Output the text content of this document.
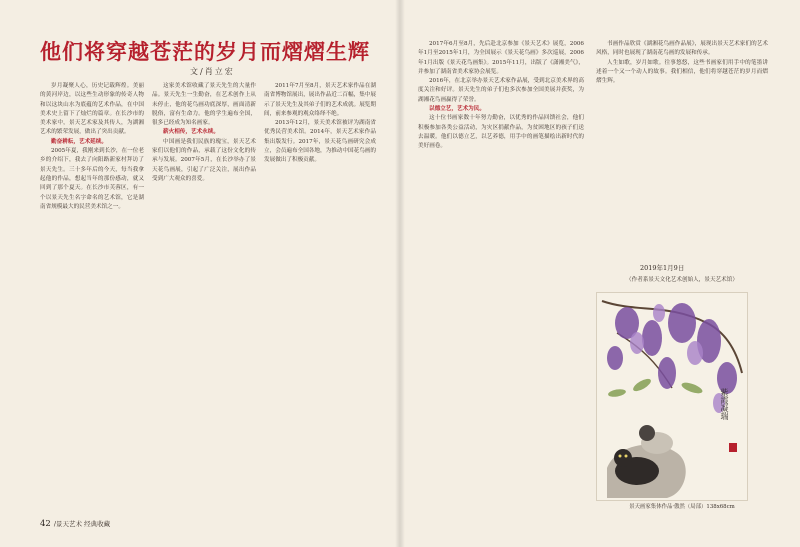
他们将穿越苍茫的岁月而熠熠生辉
文/肖立宏

岁月凝聚人心，历史记载辉煌。美丽的黄河岸边，以这些生动形象的传奇人物和以这块山水为底蕴的艺术作品，在中国美术史上留下了灿烂的篇章。在长沙市的美术家中，景天艺术家及其传人，为湖湘艺术的繁荣发展，做出了突出贡献。

勤奋耕耘，艺术延续。

2005年夏，我刚来到长沙，在一位老乡的介绍下，我去了向阳路新家村拜访了景天先生。三十多年后的今天，每当我拿起他的作品，想起当年的那份感动，就又回到了那个夏天。在长沙市芙蓉区，有一个以景天先生名字命名的艺术馆，它是湖南省规模最大的民营美术馆之一。

这家美术馆收藏了景天先生的大量作品。景天先生一生勤奋，在艺术创作上从未停止，他的花鸟画功底深厚，画面清新脱俗，富有生命力。他的学生遍布全国，很多已经成为知名画家。

薪火相传，艺术永续。

中国画是我们民族的瑰宝，景天艺术家们以他们的作品，承载了这份文化的传承与发展。2007年5月，在长沙举办了景天花鸟画展，引起了广泛关注，展出作品受到广大观众的喜爱。

2011年7月至8月，景天艺术家作品在湖南省博物馆展出，展出作品近二百幅，集中展示了景天先生及其弟子们的艺术成就。展览期间，前来参观的观众络绎不绝。

2013年12月，景天美术馆被评为湖南省优秀民营美术馆。2014年，景天艺术家作品集出版发行。2017年，景天花鸟画研究会成立，会员遍布全国各地，为推动中国花鸟画的发展做出了积极贡献。

2017年6月至8月，先后赴北京参加《景天艺术》展览，2006年1月至2015年1月，为全国展示《景天花鸟画》多次巡展，2006年1月出版《景天花鸟画集》。2015年11月，出版了《潇湘美气》，并参加了湖南省美术家协会展览。

2016年，在北京举办景天艺术家作品展，受到北京美术界的高度关注和好评。景天先生的弟子们也多次参加全国美展并获奖，为湖湘花鸟画赢得了荣誉。

以德立艺，艺术为民。

这十位书画家数十年努力勤奋，以优秀的作品回馈社会，他们积极参加各类公益活动，为灾区捐献作品，为贫困地区的孩子们送去温暖。他们以德立艺，以艺养德，用手中的画笔描绘出新时代的美好画卷。

书画作品欣赏《湖湘花鸟画作品展》，展现出景天艺术家们的艺术风格，同时也展现了湖南花鸟画的发展和传承。

人生如歌，岁月如歌。往事悠悠，这些书画家们用手中的笔墨讲述着一个又一个动人的故事。我们相信，他们将穿越苍茫的岁月而熠熠生辉。

2019年1月9日
（作者系景天文化艺术创始人，景天艺术馆）
紫霞凝瑞
景天画家集体作品·傲然（局部）138x68cm
42 /景天艺术 经典收藏
